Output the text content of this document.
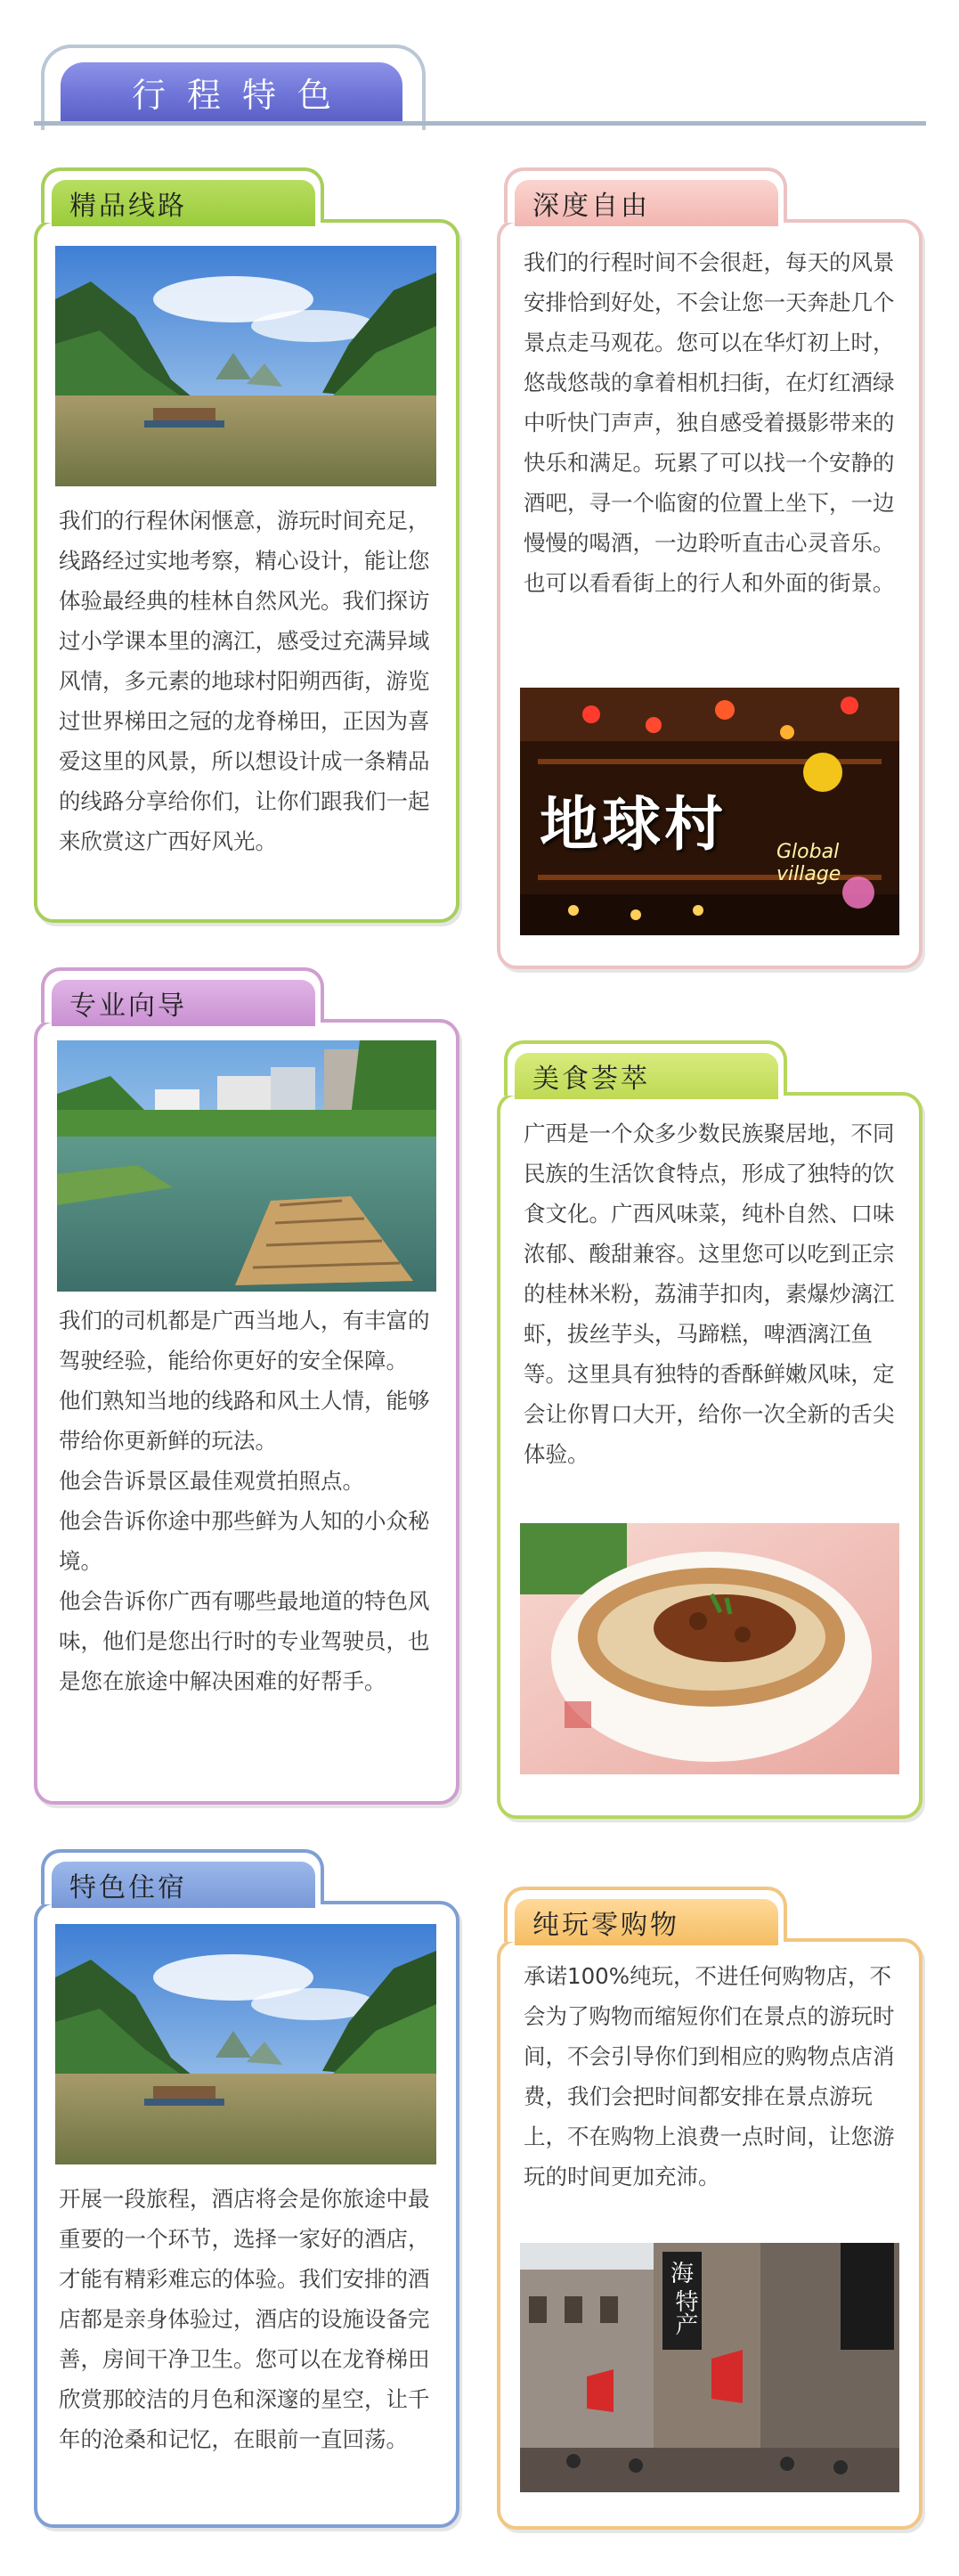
行程特色
精品线路
我们的行程休闲惬意，游玩时间充足，线路经过实地考察，精心设计，能让您体验最经典的桂林自然风光。我们探访过小学课本里的漓江，感受过充满异域风情，多元素的地球村阳朔西街，游览过世界梯田之冠的龙脊梯田，正因为喜爱这里的风景，所以想设计成一条精品的线路分享给你们，让你们跟我们一起来欣赏这广西好风光。
深度自由
我们的行程时间不会很赶，每天的风景安排恰到好处，不会让您一天奔赴几个景点走马观花。您可以在华灯初上时，悠哉悠哉的拿着相机扫街，在灯红酒绿中听快门声声，独自感受着摄影带来的快乐和满足。玩累了可以找一个安静的酒吧，寻一个临窗的位置上坐下，一边慢慢的喝酒，一边聆听直击心灵音乐。也可以看看街上的行人和外面的街景。
地球村	Global village
专业向导

我们的司机都是广西当地人，有丰富的驾驶经验，能给你更好的安全保障。

他们熟知当地的线路和风土人情，能够带给你更新鲜的玩法。

他会告诉景区最佳观赏拍照点。

他会告诉你途中那些鲜为人知的小众秘境。

他会告诉你广西有哪些最地道的特色风味，他们是您出行时的专业驾驶员，也是您在旅途中解决困难的好帮手。

美食荟萃
广西是一个众多少数民族聚居地，不同民族的生活饮食特点，形成了独特的饮食文化。广西风味菜，纯朴自然、口味浓郁、酸甜兼容。这里您可以吃到正宗的桂林米粉，荔浦芋扣肉，素爆炒漓江虾，拔丝芋头，马蹄糕，啤酒漓江鱼等。这里具有独特的香酥鲜嫩风味，定会让你胃口大开，给你一次全新的舌尖体验。
特色住宿
开展一段旅程，酒店将会是你旅途中最重要的一个环节，选择一家好的酒店，才能有精彩难忘的体验。我们安排的酒店都是亲身体验过，酒店的设施设备完善，房间干净卫生。您可以在龙脊梯田欣赏那皎洁的月色和深邃的星空，让千年的沧桑和记忆，在眼前一直回荡。
纯玩零购物
承诺100%纯玩，不进任何购物店，不会为了购物而缩短你们在景点的游玩时间，不会引导你们到相应的购物点店消费，我们会把时间都安排在景点游玩上，不在购物上浪费一点时间，让您游玩的时间更加充沛。
海
特产
